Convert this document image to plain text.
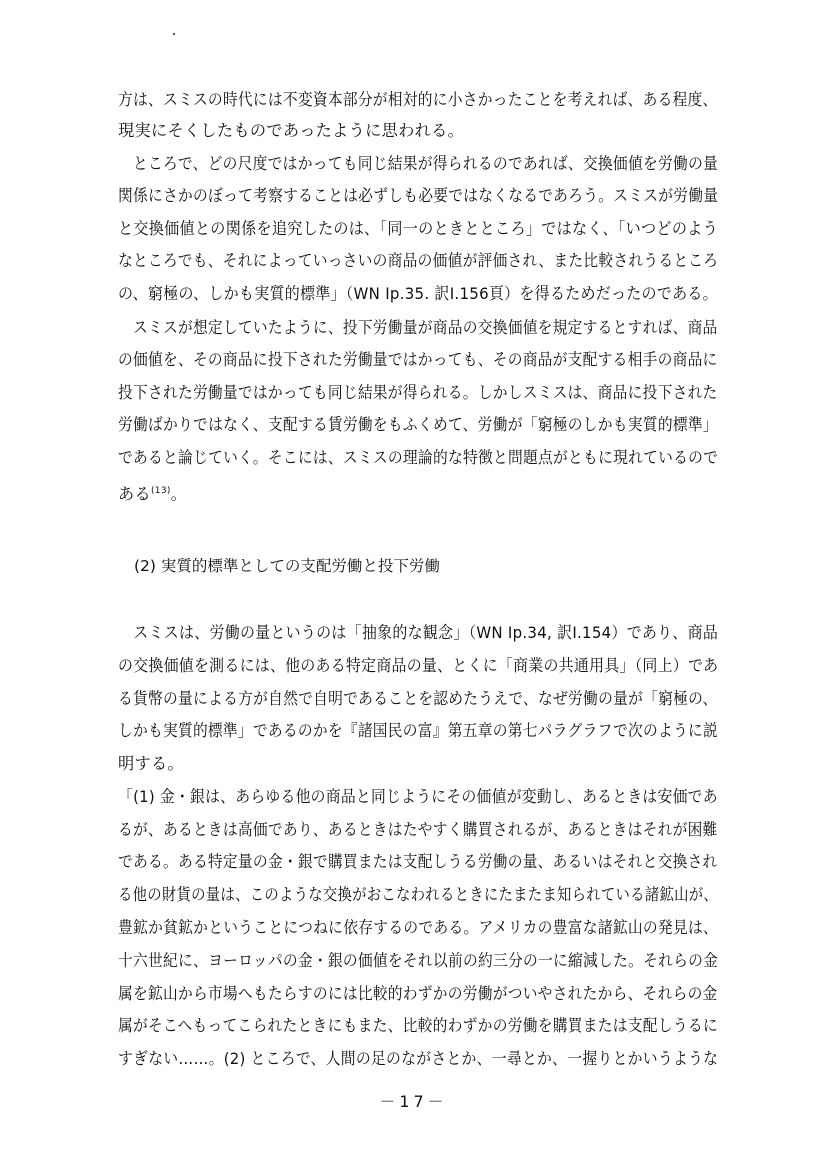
方は、スミスの時代には不変資本部分が相対的に小さかったことを考えれば、ある程度、
現実にそくしたものであったように思われる。
　ところで、どの尺度ではかっても同じ結果が得られるのであれば、交換価値を労働の量
関係にさかのぼって考察することは必ずしも必要ではなくなるであろう。スミスが労働量
と交換価値との関係を追究したのは、「同一のときとところ」ではなく、「いつどのよう
なところでも、それによっていっさいの商品の価値が評価され、また比較されうるところ
の、窮極の、しかも実質的標準」（WN Ⅰp.35. 訳Ⅰ.156頁）を得るためだったのである。
　スミスが想定していたように、投下労働量が商品の交換価値を規定するとすれば、商品
の価値を、その商品に投下された労働量ではかっても、その商品が支配する相手の商品に
投下された労働量ではかっても同じ結果が得られる。しかしスミスは、商品に投下された
労働ばかりではなく、支配する賃労働をもふくめて、労働が「窮極のしかも実質的標準」
であると論じていく。そこには、スミスの理論的な特徴と問題点がともに現れているので
ある$^{(13)}$。
(2) 実質的標準としての支配労働と投下労働
　スミスは、労働の量というのは「抽象的な観念」（WN Ⅰp.34, 訳Ⅰ.154）であり、商品
の交換価値を測るには、他のある特定商品の量、とくに「商業の共通用具」（同上）であ
る貨幣の量による方が自然で自明であることを認めたうえで、なぜ労働の量が「窮極の、
しかも実質的標準」であるのかを『諸国民の富』第五章の第七パラグラフで次のように説
明する。
「(1) 金・銀は、あらゆる他の商品と同じようにその価値が変動し、あるときは安価であ
るが、あるときは高価であり、あるときはたやすく購買されるが、あるときはそれが困難
である。ある特定量の金・銀で購買または支配しうる労働の量、あるいはそれと交換され
る他の財貨の量は、このような交換がおこなわれるときにたまたま知られている諸鉱山が、
豊鉱か貧鉱かということにつねに依存するのである。アメリカの豊富な諸鉱山の発見は、
十六世紀に、ヨーロッパの金・銀の価値をそれ以前の約三分の一に縮減した。それらの金
属を鉱山から市場へもたらすのには比較的わずかの労働がついやされたから、それらの金
属がそこへもってこられたときにもまた、比較的わずかの労働を購買または支配しうるに
すぎない……。(2) ところで、人間の足のながさとか、一尋とか、一握りとかいうような
－17－
